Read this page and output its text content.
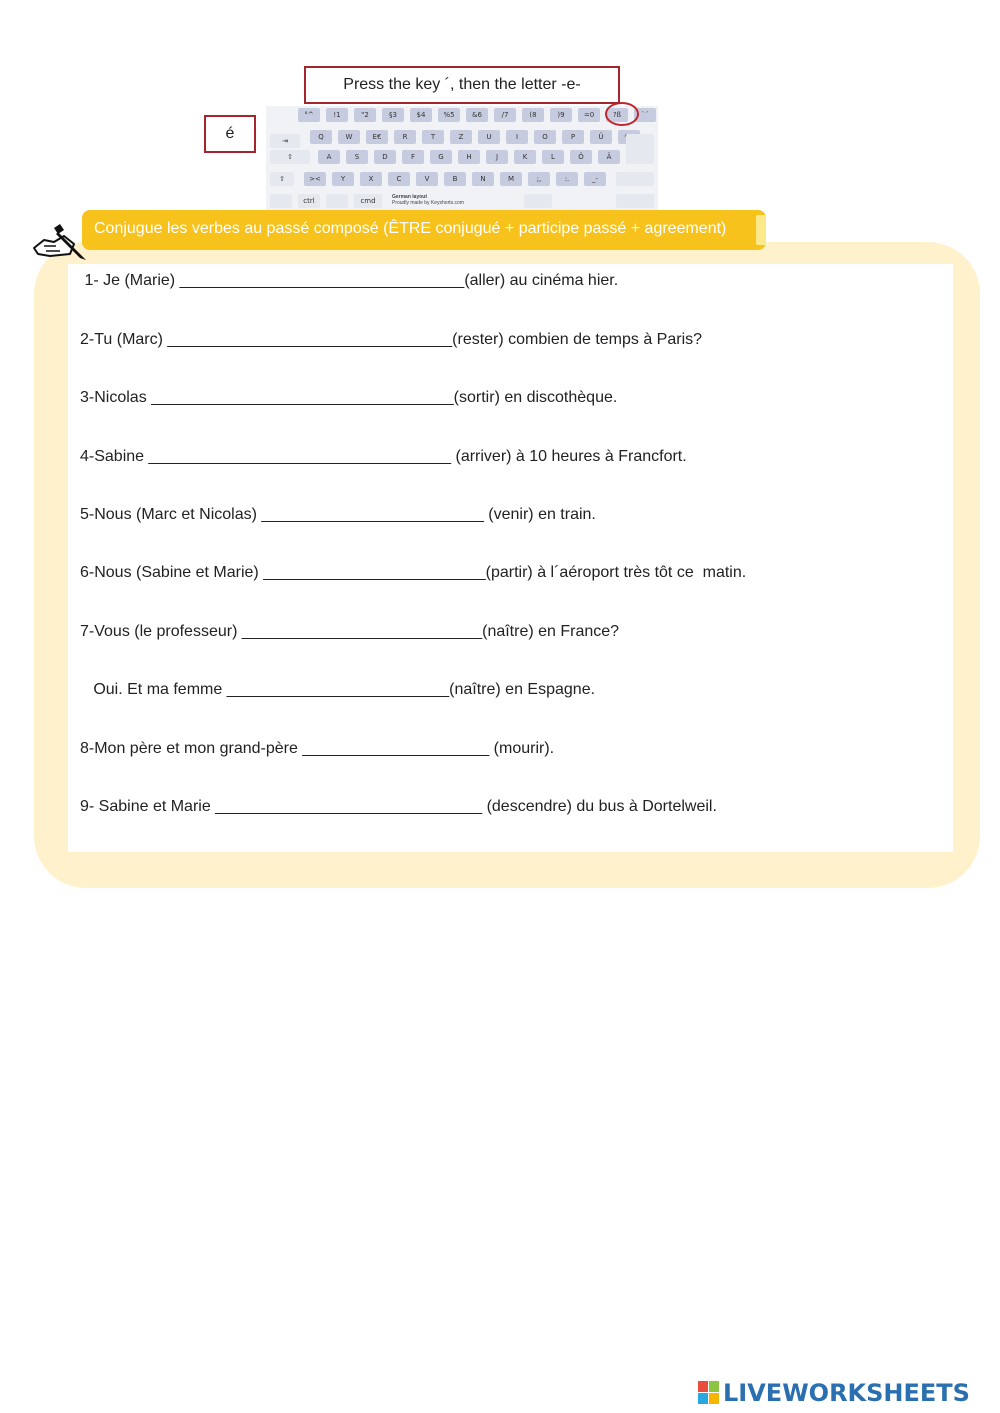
°^	!1	"2	§3	$4	%5	&6	/7	(8	)9	=0	?ß	`´
Q	W	E€	R	T	Z	U	I	O	P	Ü
A	S	D	F	G	H	J	K	L	Ö	Ä
><	Y	X	C	V	B	N	M	;,	:.	_-
⇥
⇧
⇧
ctrl	cmd	German layout
Proudly made by Keyshorts.com
Press the key ´, then the letter -e-
é
Conjugue les verbes au passé composé (ÊTRE conjugué + participe passé + agreement)
1- Je (Marie) ________________________________(aller) au cinéma hier.
2-Tu (Marc) ________________________________(rester) combien de temps à Paris?
3-Nicolas __________________________________(sortir) en discothèque.
4-Sabine __________________________________ (arriver) à 10 heures à Francfort.
5-Nous (Marc et Nicolas) _________________________ (venir) en train.
6-Nous (Sabine et Marie) _________________________(partir) à l´aéroport très tôt ce  matin.
7-Vous (le professeur) ___________________________(naître) en France?
Oui. Et ma femme _________________________(naître) en Espagne.
8-Mon père et mon grand-père _____________________ (mourir).
9- Sabine et Marie ______________________________ (descendre) du bus à Dortelweil.
LIVEWORKSHEETS
